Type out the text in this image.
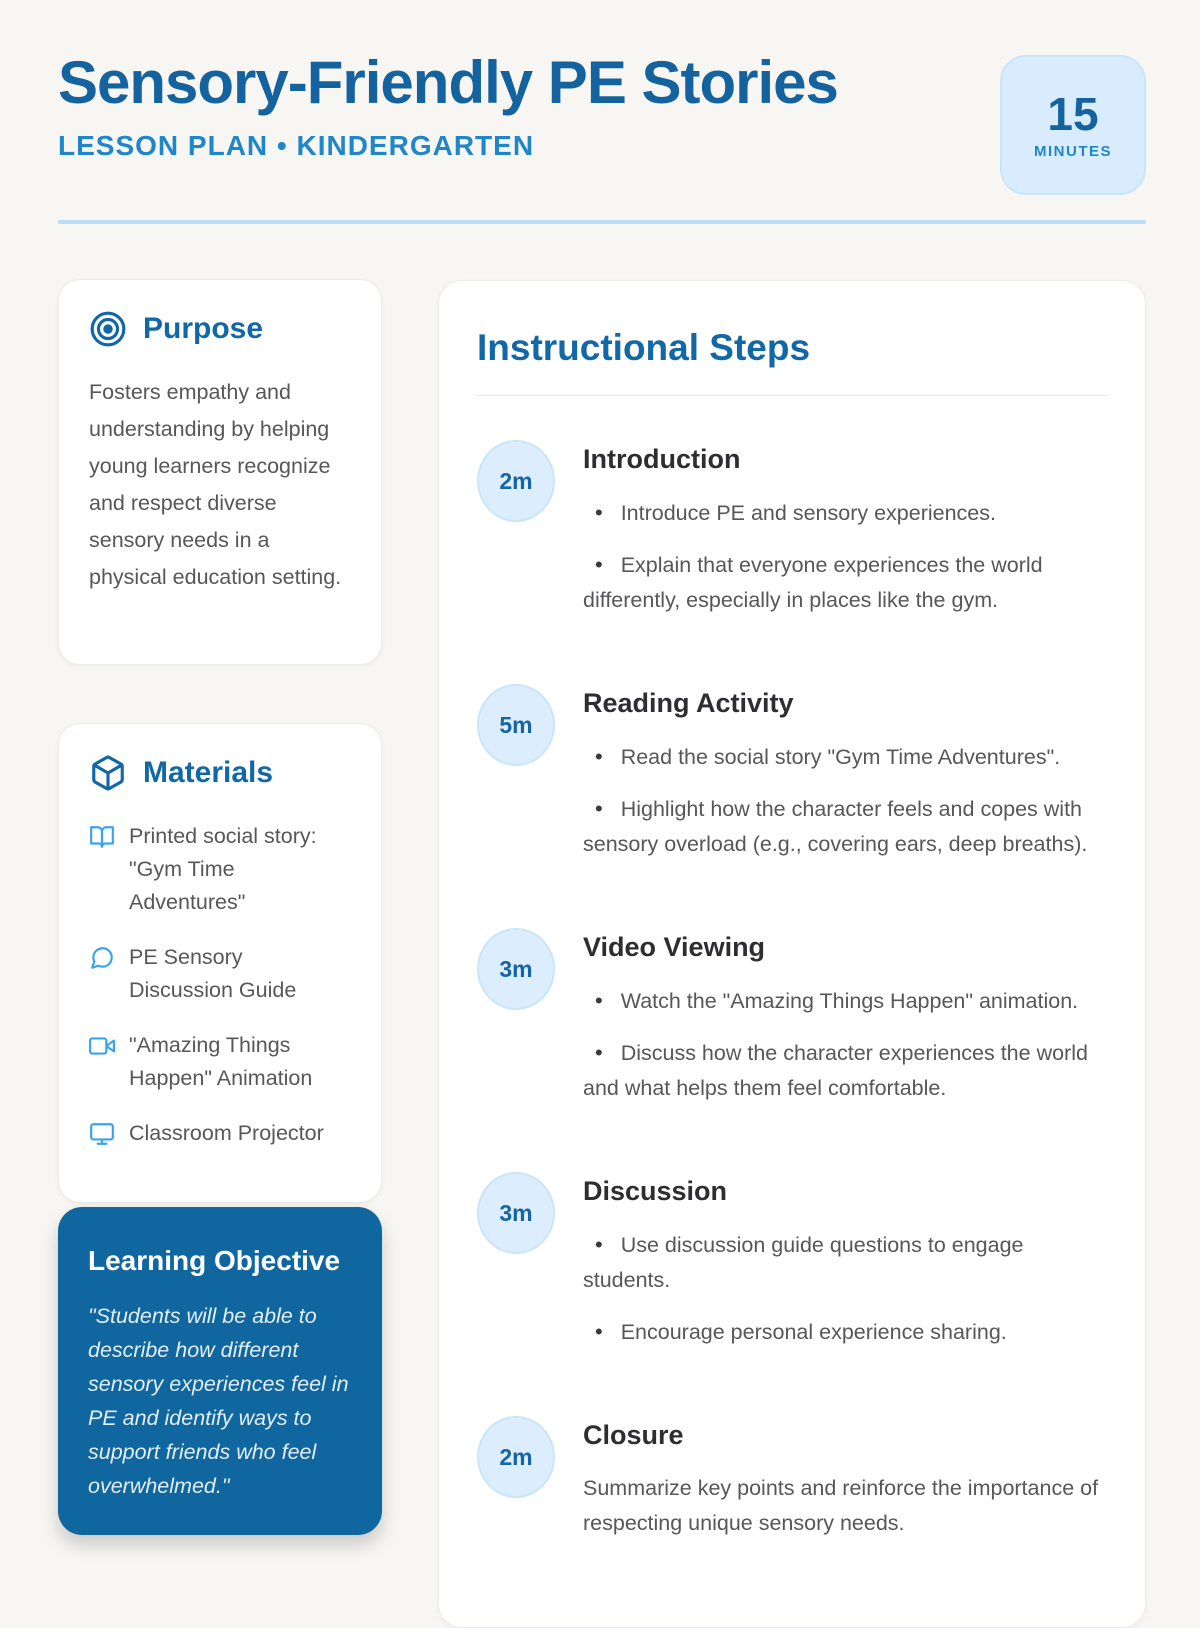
Sensory-Friendly PE Stories
LESSON PLAN • KINDERGARTEN
15
MINUTES
Purpose

Fosters empathy and understanding by helping young learners recognize and respect diverse sensory needs in a physical education setting.

Materials
Printed social story: "Gym Time Adventures"
PE Sensory Discussion Guide
"Amazing Things Happen" Animation
Classroom Projector
Learning Objective

"Students will be able to describe how different sensory experiences feel in PE and identify ways to support friends who feel overwhelmed."

Instructional Steps
2m
Introduction

• Introduce PE and sensory experiences.

• Explain that everyone experiences the world differently, especially in places like the gym.

5m
Reading Activity

• Read the social story "Gym Time Adventures".

• Highlight how the character feels and copes with sensory overload (e.g., covering ears, deep breaths).

3m
Video Viewing

• Watch the "Amazing Things Happen" animation.

• Discuss how the character experiences the world and what helps them feel comfortable.

3m
Discussion

• Use discussion guide questions to engage students.

• Encourage personal experience sharing.

2m
Closure

Summarize key points and reinforce the importance of respecting unique sensory needs.
